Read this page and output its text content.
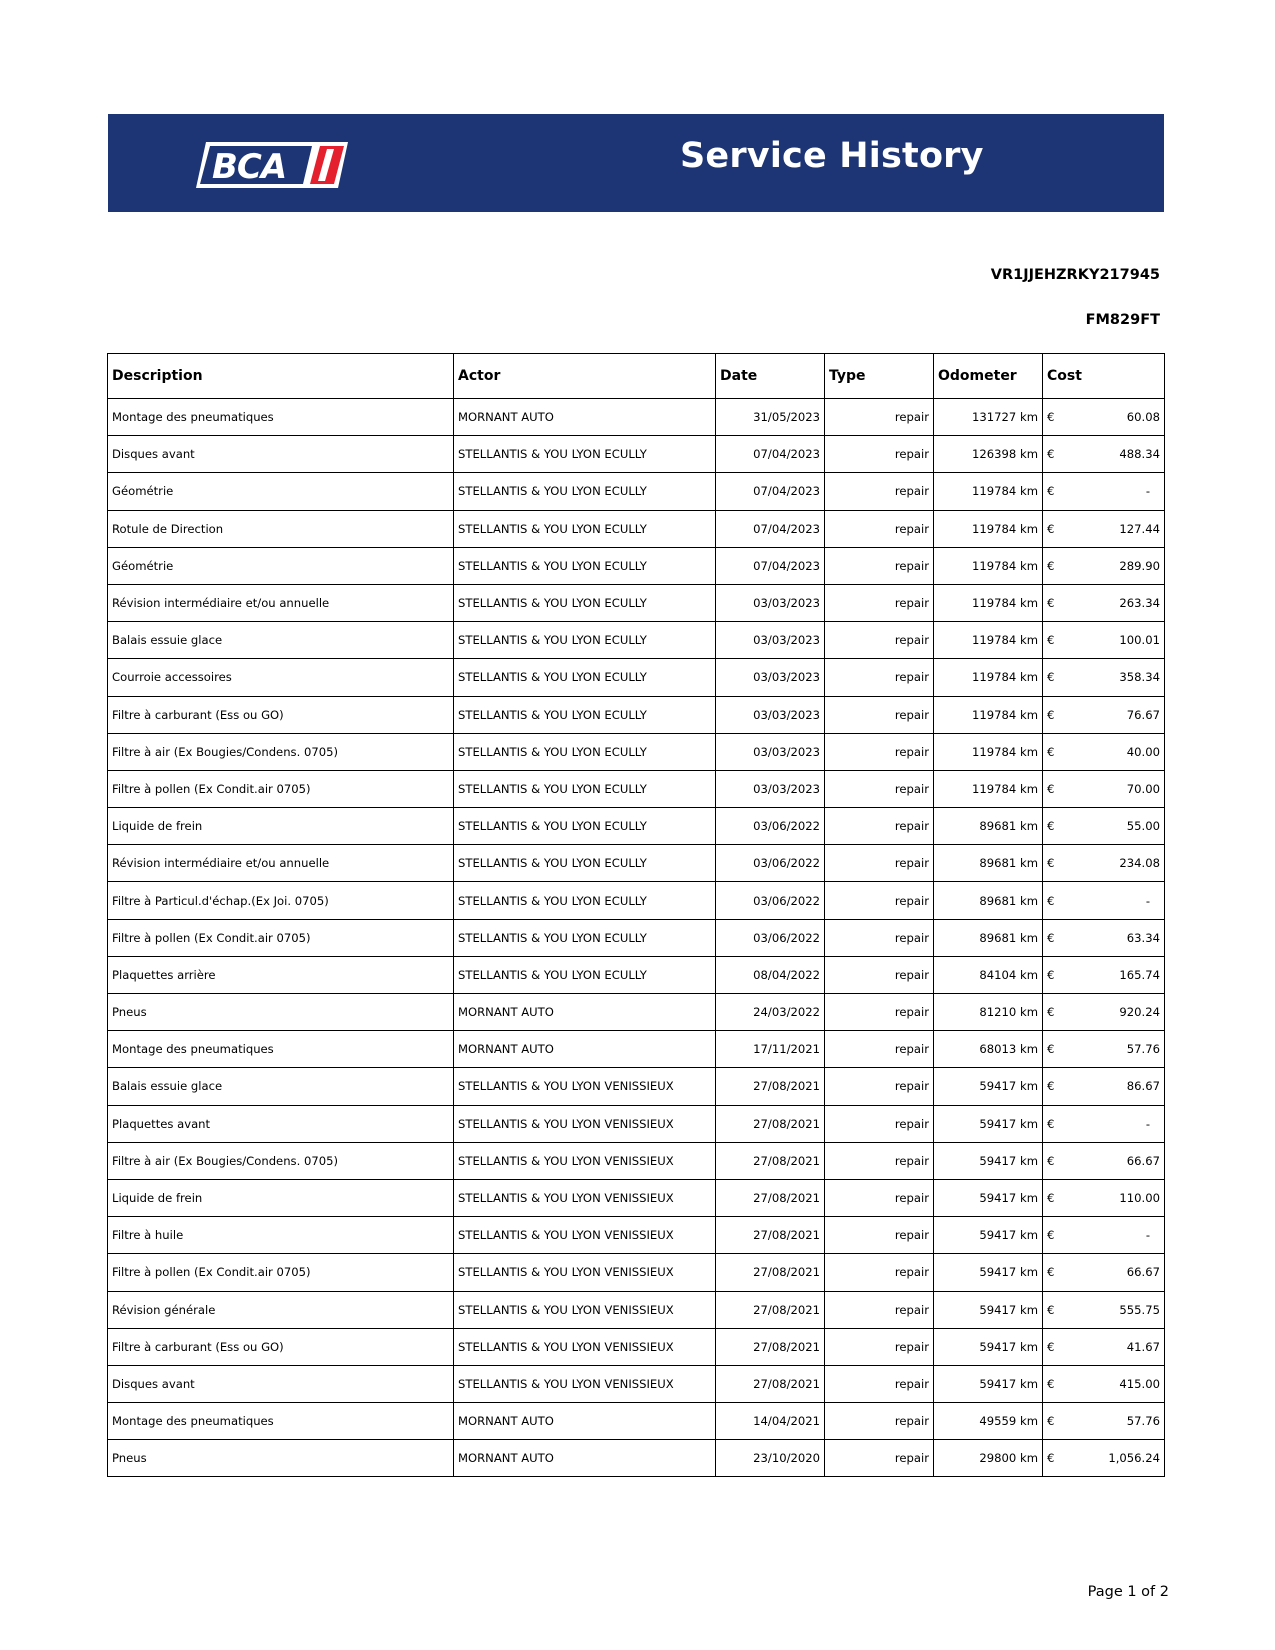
BCA	Service History
VR1JJEHZRKY217945
FM829FT
Description	Actor	Date	Type	Odometer	Cost
Montage des pneumatiques	MORNANT AUTO	31/05/2023	repair	131727 km	€ 60.08

Disques avant	STELLANTIS & YOU LYON ECULLY	07/04/2023	repair	126398 km	€ 488.34

Géométrie	STELLANTIS & YOU LYON ECULLY	07/04/2023	repair	119784 km	€ -

Rotule de Direction	STELLANTIS & YOU LYON ECULLY	07/04/2023	repair	119784 km	€ 127.44

Géométrie	STELLANTIS & YOU LYON ECULLY	07/04/2023	repair	119784 km	€ 289.90

Révision intermédiaire et/ou annuelle	STELLANTIS & YOU LYON ECULLY	03/03/2023	repair	119784 km	€ 263.34

Balais essuie glace	STELLANTIS & YOU LYON ECULLY	03/03/2023	repair	119784 km	€ 100.01

Courroie accessoires	STELLANTIS & YOU LYON ECULLY	03/03/2023	repair	119784 km	€ 358.34

Filtre à carburant (Ess ou GO)	STELLANTIS & YOU LYON ECULLY	03/03/2023	repair	119784 km	€ 76.67

Filtre à air (Ex Bougies/Condens. 0705)	STELLANTIS & YOU LYON ECULLY	03/03/2023	repair	119784 km	€ 40.00

Filtre à pollen (Ex Condit.air 0705)	STELLANTIS & YOU LYON ECULLY	03/03/2023	repair	119784 km	€ 70.00

Liquide de frein	STELLANTIS & YOU LYON ECULLY	03/06/2022	repair	89681 km	€ 55.00

Révision intermédiaire et/ou annuelle	STELLANTIS & YOU LYON ECULLY	03/06/2022	repair	89681 km	€ 234.08

Filtre à Particul.d'échap.(Ex Joi. 0705)	STELLANTIS & YOU LYON ECULLY	03/06/2022	repair	89681 km	€ -

Filtre à pollen (Ex Condit.air 0705)	STELLANTIS & YOU LYON ECULLY	03/06/2022	repair	89681 km	€ 63.34

Plaquettes arrière	STELLANTIS & YOU LYON ECULLY	08/04/2022	repair	84104 km	€ 165.74

Pneus	MORNANT AUTO	24/03/2022	repair	81210 km	€ 920.24

Montage des pneumatiques	MORNANT AUTO	17/11/2021	repair	68013 km	€ 57.76

Balais essuie glace	STELLANTIS & YOU LYON VENISSIEUX	27/08/2021	repair	59417 km	€ 86.67

Plaquettes avant	STELLANTIS & YOU LYON VENISSIEUX	27/08/2021	repair	59417 km	€ -

Filtre à air (Ex Bougies/Condens. 0705)	STELLANTIS & YOU LYON VENISSIEUX	27/08/2021	repair	59417 km	€ 66.67

Liquide de frein	STELLANTIS & YOU LYON VENISSIEUX	27/08/2021	repair	59417 km	€ 110.00

Filtre à huile	STELLANTIS & YOU LYON VENISSIEUX	27/08/2021	repair	59417 km	€ -

Filtre à pollen (Ex Condit.air 0705)	STELLANTIS & YOU LYON VENISSIEUX	27/08/2021	repair	59417 km	€ 66.67

Révision générale	STELLANTIS & YOU LYON VENISSIEUX	27/08/2021	repair	59417 km	€ 555.75

Filtre à carburant (Ess ou GO)	STELLANTIS & YOU LYON VENISSIEUX	27/08/2021	repair	59417 km	€ 41.67

Disques avant	STELLANTIS & YOU LYON VENISSIEUX	27/08/2021	repair	59417 km	€ 415.00

Montage des pneumatiques	MORNANT AUTO	14/04/2021	repair	49559 km	€ 57.76

Pneus	MORNANT AUTO	23/10/2020	repair	29800 km	€ 1,056.24
Page 1 of 2
